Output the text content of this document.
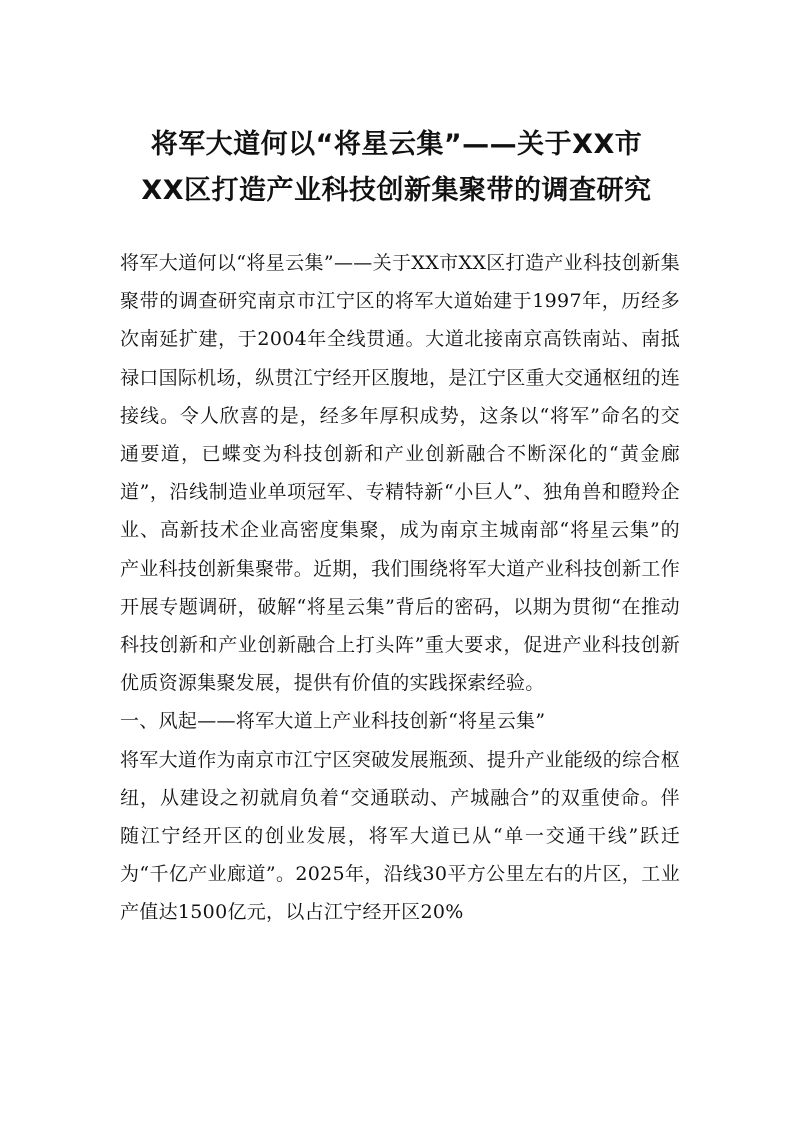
将军大道何以“将星云集”——关于XX市
XX区打造产业科技创新集聚带的调查研究

将军大道何以“将星云集”——关于XX市XX区打造产业科技创新集聚带的调查研究南京市江宁区的将军大道始建于1997年，历经多次南延扩建，于2004年全线贯通。大道北接南京高铁南站、南抵禄口国际机场，纵贯江宁经开区腹地，是江宁区重大交通枢纽的连接线。令人欣喜的是，经多年厚积成势，这条以“将军”命名的交通要道，已蝶变为科技创新和产业创新融合不断深化的“黄金廊道”，沿线制造业单项冠军、专精特新“小巨人”、独角兽和瞪羚企业、高新技术企业高密度集聚，成为南京主城南部“将星云集”的产业科技创新集聚带。近期，我们围绕将军大道产业科技创新工作开展专题调研，破解“将星云集”背后的密码，以期为贯彻“在推动科技创新和产业创新融合上打头阵”重大要求，促进产业科技创新优质资源集聚发展，提供有价值的实践探索经验。

一、风起——将军大道上产业科技创新“将星云集”

将军大道作为南京市江宁区突破发展瓶颈、提升产业能级的综合枢纽，从建设之初就肩负着“交通联动、产城融合”的双重使命。伴随江宁经开区的创业发展，将军大道已从“单一交通干线”跃迁为“千亿产业廊道”。2025年，沿线30平方公里左右的片区，工业产值达1500亿元，以占江宁经开区20%
